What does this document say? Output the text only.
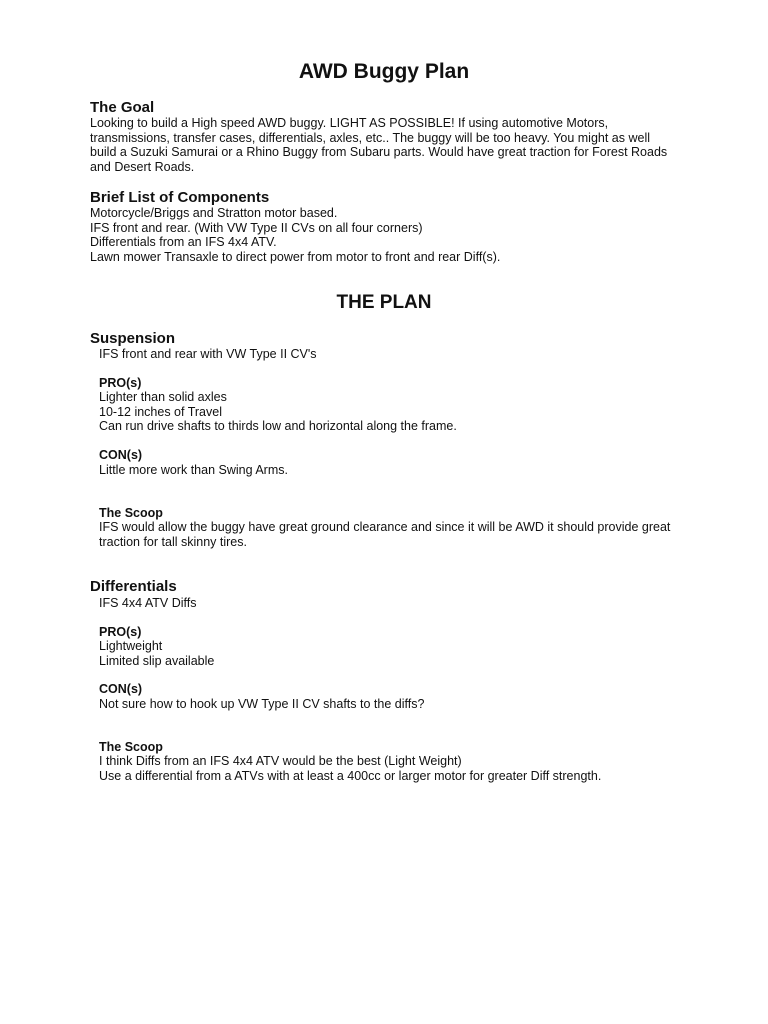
AWD Buggy Plan
The Goal
Looking to build a High speed AWD buggy. LIGHT AS POSSIBLE! If using automotive Motors,
transmissions, transfer cases, differentials, axles, etc.. The buggy will be too heavy. You might as well
build a Suzuki Samurai or a Rhino Buggy from Subaru parts. Would have great traction for Forest Roads
and Desert Roads.
Brief List of Components
Motorcycle/Briggs and Stratton motor based.
IFS front and rear. (With VW Type II CVs on all four corners)
Differentials from an IFS 4x4 ATV.
Lawn mower Transaxle to direct power from motor to front and rear Diff(s).
THE PLAN
Suspension
IFS front and rear with VW Type II CV's
PRO(s)
Lighter than solid axles
10-12 inches of Travel
Can run drive shafts to thirds low and horizontal along the frame.
CON(s)
Little more work than Swing Arms.
The Scoop
IFS would allow the buggy have great ground clearance and since it will be AWD it should provide great
traction for tall skinny tires.
Differentials
IFS 4x4 ATV Diffs
PRO(s)
Lightweight
Limited slip available
CON(s)
Not sure how to hook up VW Type II CV shafts to the diffs?
The Scoop
I think Diffs from an IFS 4x4 ATV would be the best (Light Weight)
Use a differential from a ATVs with at least a 400cc or larger motor for greater Diff strength.
